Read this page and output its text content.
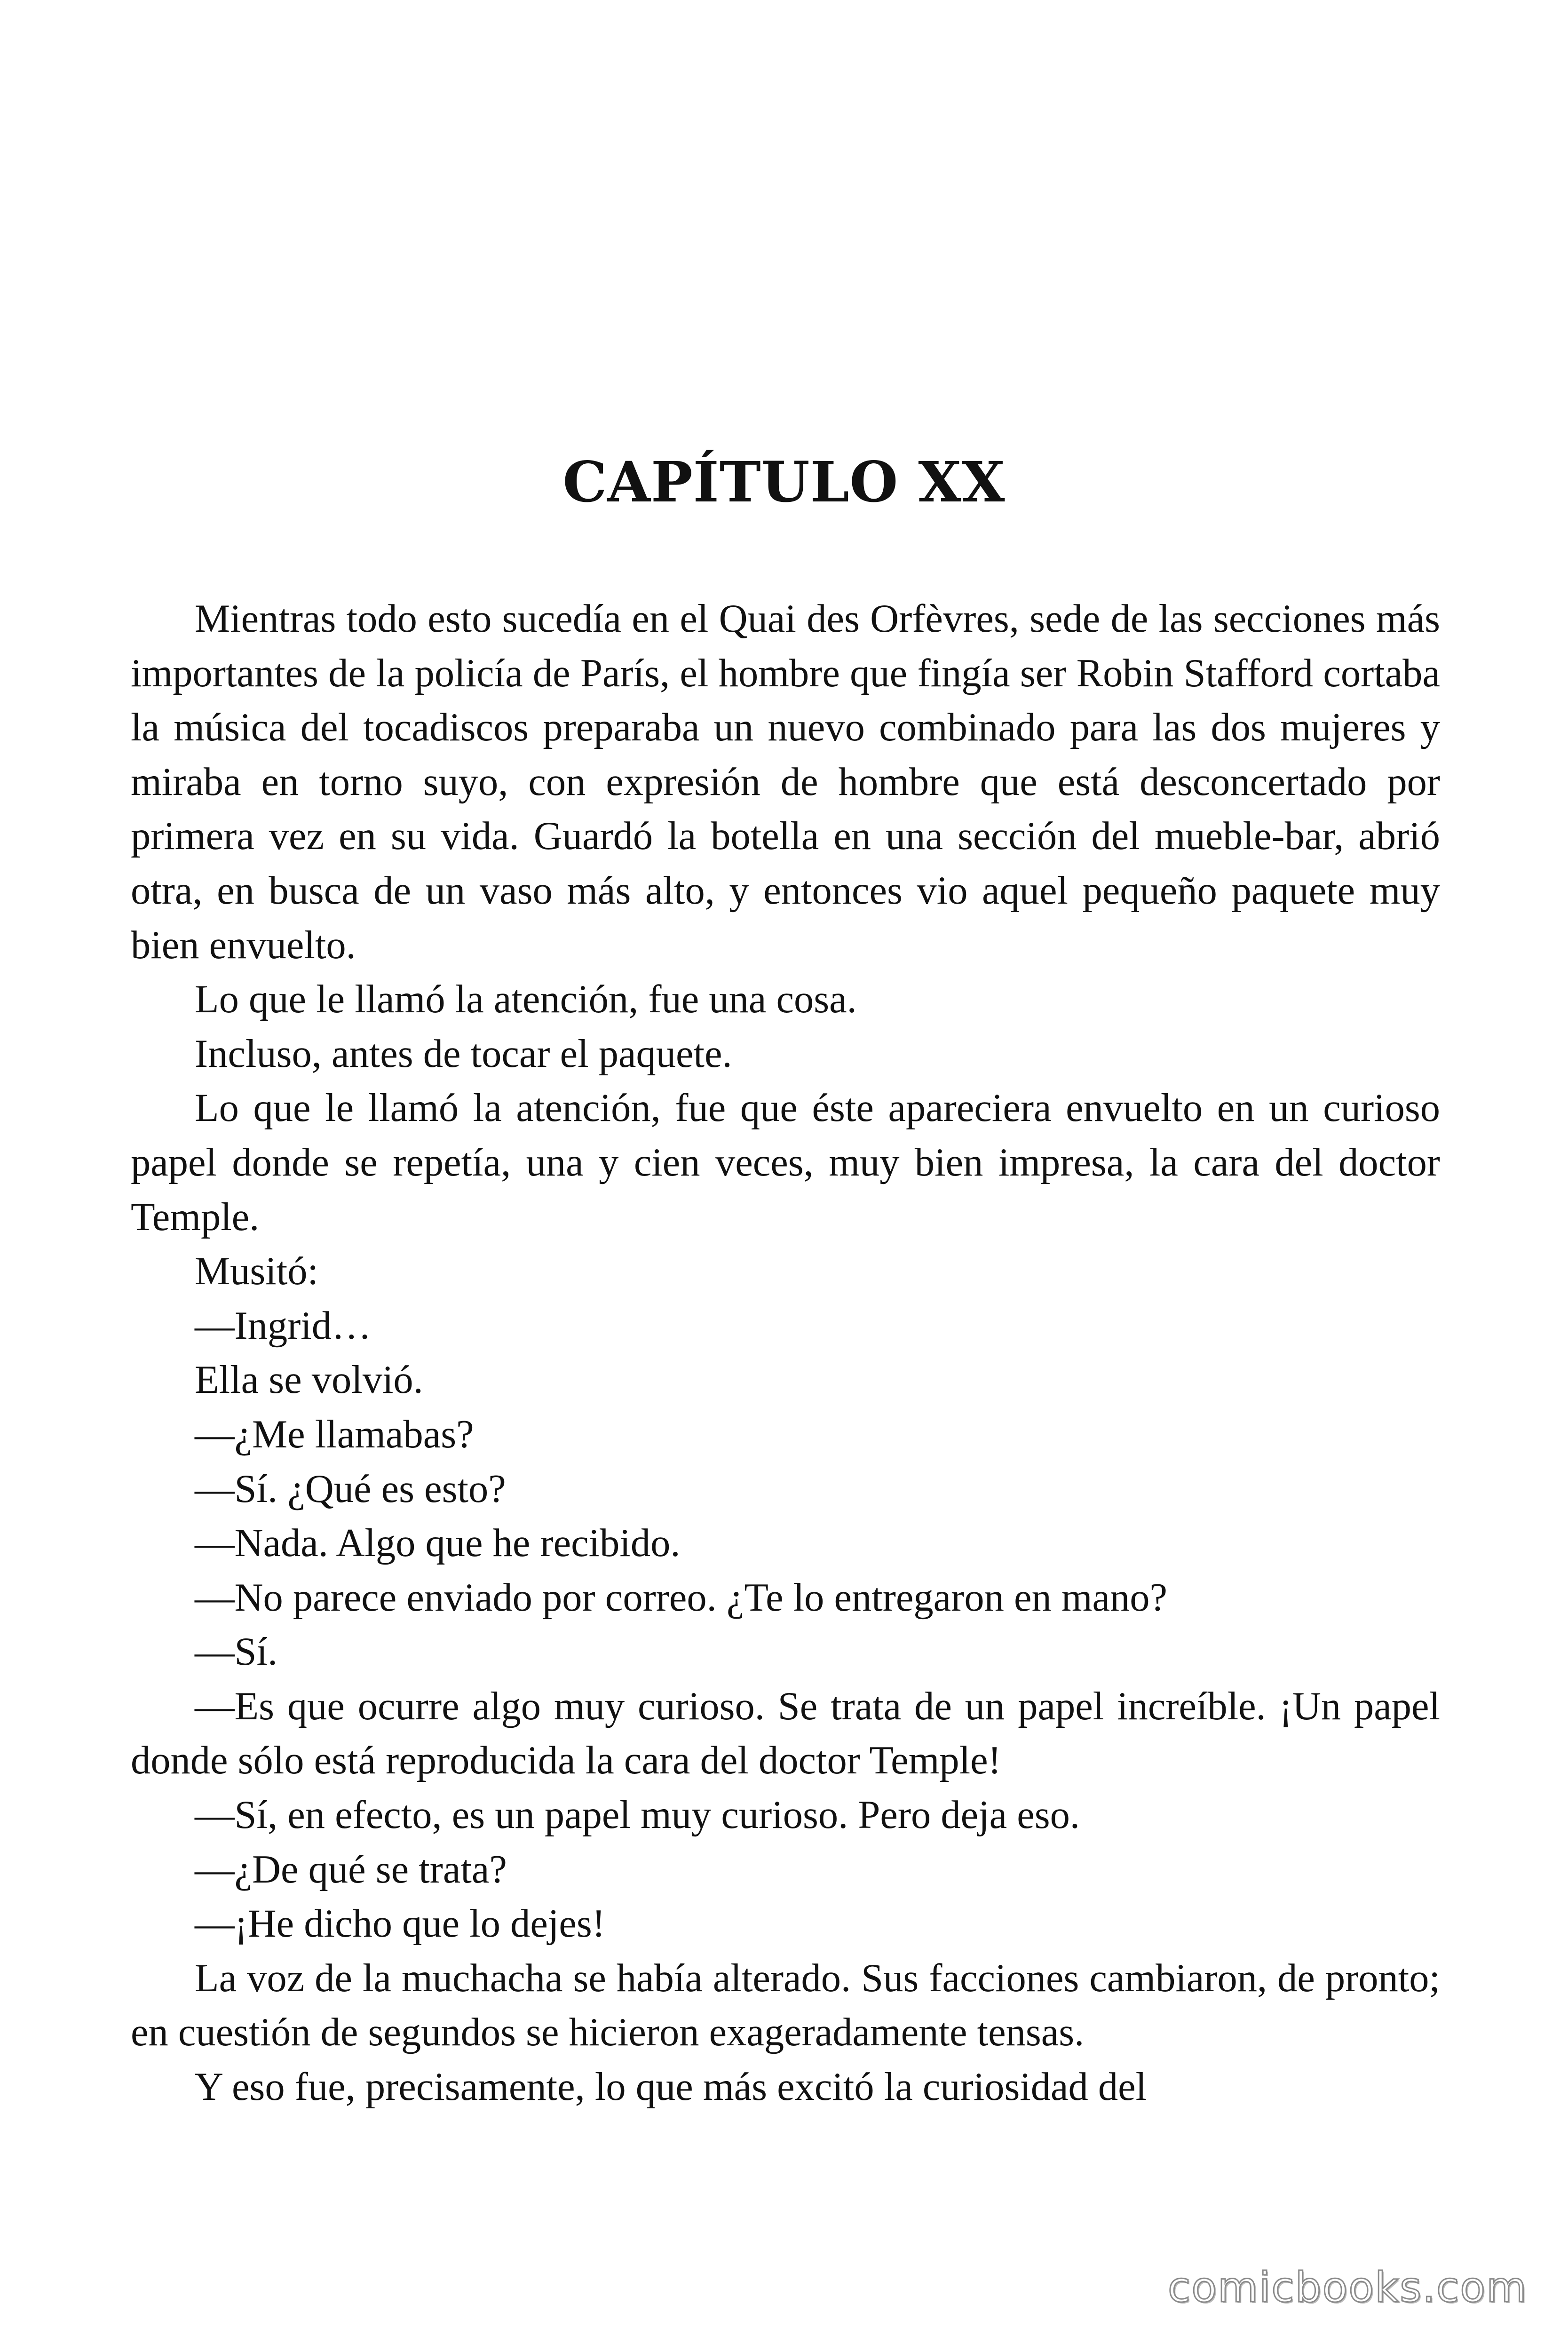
CAPÍTULO XX

Mientras todo esto sucedía en el Quai des Orfèvres, sede de las secciones más importantes de la policía de París, el hombre que fingía ser Robin Stafford cortaba la música del tocadiscos preparaba un nuevo combinado para las dos mujeres y miraba en torno suyo, con expresión de hombre que está desconcertado por primera vez en su vida. Guardó la botella en una sección del mueble-bar, abrió otra, en busca de un vaso más alto, y entonces vio aquel pequeño paquete muy bien envuelto.

Lo que le llamó la atención, fue una cosa.

Incluso, antes de tocar el paquete.

Lo que le llamó la atención, fue que éste apareciera envuelto en un curioso papel donde se repetía, una y cien veces, muy bien impresa, la cara del doctor Temple.

Musitó:

—Ingrid…

Ella se volvió.

—¿Me llamabas?

—Sí. ¿Qué es esto?

—Nada. Algo que he recibido.

—No parece enviado por correo. ¿Te lo entregaron en mano?

—Sí.

—Es que ocurre algo muy curioso. Se trata de un papel increíble. ¡Un papel donde sólo está reproducida la cara del doctor Temple!

—Sí, en efecto, es un papel muy curioso. Pero deja eso.

—¿De qué se trata?

—¡He dicho que lo dejes!

La voz de la muchacha se había alterado. Sus facciones cambiaron, de pronto; en cuestión de segundos se hicieron exageradamente tensas.

Y eso fue, precisamente, lo que más excitó la curiosidad del

comicbooks.com
